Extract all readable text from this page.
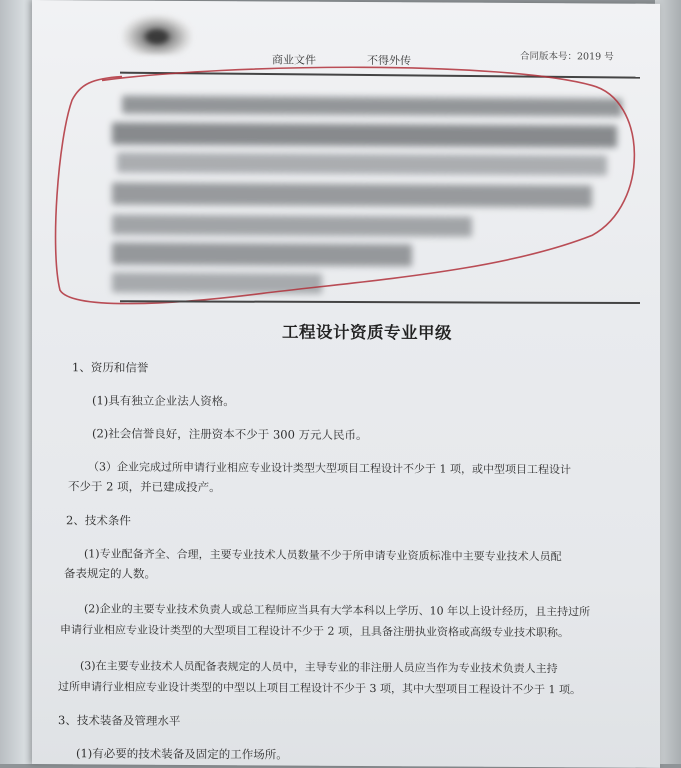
商业文件	不得外传	合同版本号：2019 号
工程设计资质专业甲级
1、资历和信誉
(1)具有独立企业法人资格。
(2)社会信誉良好，注册资本不少于 300 万元人民币。
（3）企业完成过所申请行业相应专业设计类型大型项目工程设计不少于 1 项，或中型项目工程设计
不少于 2 项，并已建成投产。
2、技术条件
(1)专业配备齐全、合理，主要专业技术人员数量不少于所申请专业资质标准中主要专业技术人员配
备表规定的人数。
(2)企业的主要专业技术负责人或总工程师应当具有大学本科以上学历、10 年以上设计经历，且主持过所
申请行业相应专业设计类型的大型项目工程设计不少于 2 项，且具备注册执业资格或高级专业技术职称。
(3)在主要专业技术人员配备表规定的人员中，主导专业的非注册人员应当作为专业技术负责人主持
过所申请行业相应专业设计类型的中型以上项目工程设计不少于 3 项，其中大型项目工程设计不少于 1 项。
3、技术装备及管理水平
(1)有必要的技术装备及固定的工作场所。
